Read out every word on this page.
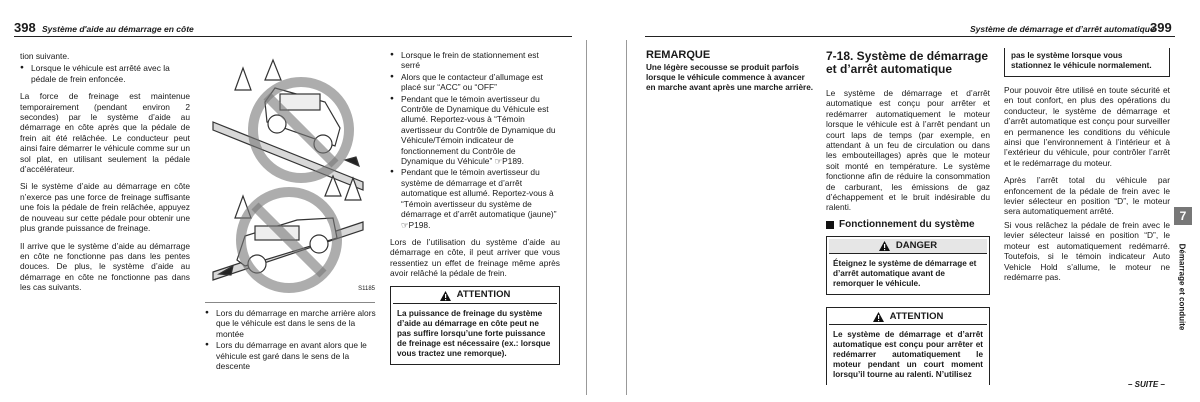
398 Système d'aide au démarrage en côte

tion suivante.

● Lorsque le véhicule est arrêté avec la pédale de frein enfoncée.

La force de freinage est maintenue temporairement (pendant environ 2 secondes) par le système d’aide au démarrage en côte après que la pédale de frein ait été relâchée. Le conducteur peut ainsi faire démarrer le véhicule comme sur un sol plat, en utilisant seulement la pédale d’accélérateur.

Si le système d’aide au démarrage en côte n’exerce pas une force de freinage suffisante une fois la pédale de frein relâchée, appuyez de nouveau sur cette pédale pour obtenir une plus grande puissance de freinage.

Il arrive que le système d’aide au démarrage en côte ne fonctionne pas dans les pentes douces. De plus, le système d’aide au démarrage en côte ne fonctionne pas dans les cas suivants.	S1185
● Lors du démarrage en marche arrière alors que le véhicule est dans le sens de la montée
● Lors du démarrage en avant alors que le véhicule est garé dans le sens de la descente
● Lorsque le frein de stationnement est serré
● Alors que le contacteur d’allumage est placé sur “ACC” ou “OFF”
● Pendant que le témoin avertisseur du Contrôle de Dynamique du Véhicule est allumé. Reportez-vous à “Témoin avertisseur du Contrôle de Dynamique du Véhicule/Témoin indicateur de fonctionnement du Contrôle de Dynamique du Véhicule” ☞P189.
● Pendant que le témoin avertisseur du système de démarrage et d’arrêt automatique est allumé. Reportez-vous à “Témoin avertisseur du système de démarrage et d’arrêt automatique (jaune)” ☞P198.

Lors de l’utilisation du système d’aide au démarrage en côte, il peut arriver que vous ressentiez un effet de freinage même après avoir relâché la pédale de frein.

ATTENTION
La puissance de freinage du système d’aide au démarrage en côte peut ne pas suffire lorsqu’une forte puissance de freinage est nécessaire (ex.: lorsque vous tractez une remorque).
Système de démarrage et d’arrêt automatique
399
REMARQUE
Une légère secousse se produit parfois lorsque le véhicule commence à avancer en marche avant après une marche arrière.
7-18. Système de démarrage et d’arrêt automatique

Le système de démarrage et d’arrêt automatique est conçu pour arrêter et redémarrer automatiquement le moteur lorsque le véhicule est à l’arrêt pendant un court laps de temps (par exemple, en attendant à un feu de circulation ou dans les embouteillages) après que le moteur soit monté en température. Le système fonctionne afin de réduire la consommation de carburant, les émissions de gaz d’échappement et le bruit indésirable du ralenti.

Fonctionnement du système
DANGER
Éteignez le système de démarrage et d’arrêt automatique avant de remorquer le véhicule.
ATTENTION
Le système de démarrage et d’arrêt automatique est conçu pour arrêter et redémarrer automatiquement le moteur pendant un court moment lorsqu’il tourne au ralenti. N’utilisez
pas le système lorsque vous stationnez le véhicule normalement.

Pour pouvoir être utilisé en toute sécurité et en tout confort, en plus des opérations du conducteur, le système de démarrage et d’arrêt automatique est conçu pour surveiller en permanence les conditions du véhicule ainsi que l’environnement à l’intérieur et à l’extérieur du véhicule, pour contrôler l’arrêt et le redémarrage du moteur.

Après l’arrêt total du véhicule par enfoncement de la pédale de frein avec le levier sélecteur en position “D”, le moteur sera automatiquement arrêté.

Si vous relâchez la pédale de frein avec le levier sélecteur laissé en position “D”, le moteur est automatiquement redémarré. Toutefois, si le témoin indicateur Auto Vehicle Hold s’allume, le moteur ne redémarre pas.

7
Démarrage et conduite
– SUITE –
